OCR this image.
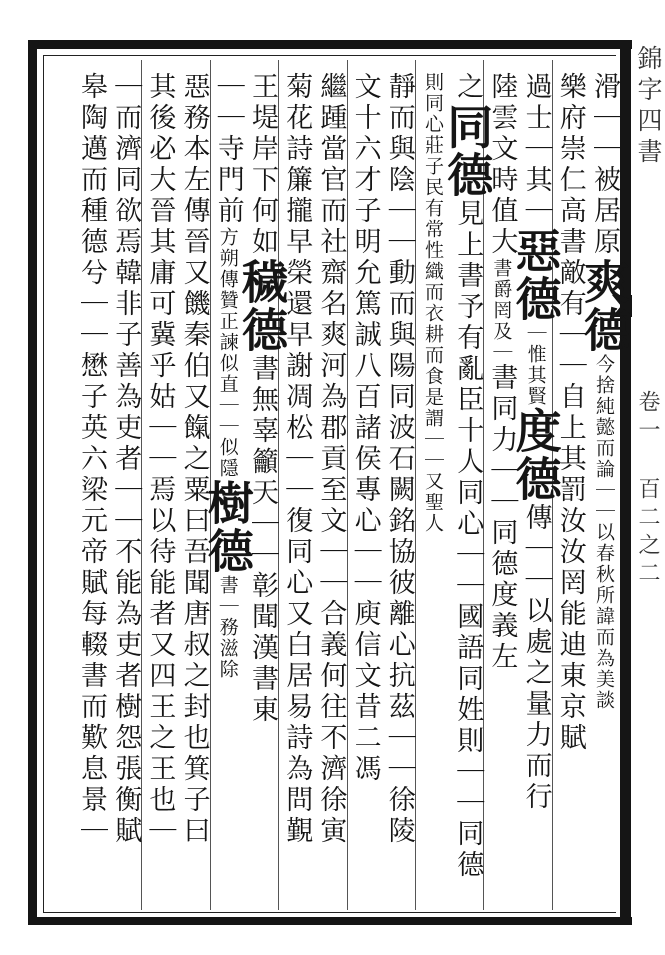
錦字四書
卷一 百二之二
滑｜｜被居原爽德今捨純懿而論｜｜以春秋所諱而為美談
樂府崇仁高書敵有｜｜自上其罰汝汝罔能迪東京賦
過士｜其｜惡德｜惟其賢度德傳｜｜以處之量力而行
陸雲文時值大書爵罔及｜書同力｜｜同德度義左
之同德見上書予有亂臣十人同心｜｜國語同姓則｜｜同德
則同心莊子民有常性織而衣耕而食是謂｜｜又聖人
靜而與陰｜｜動而與陽同波石闕銘協彼離心抗茲｜｜徐陵
文十六才子明允篤誠八百諸侯專心｜｜庾信文昔二馮
繼踵當官而社齋名爽河為郡貢至文｜｜合義何往不濟徐寅
菊花詩簾攏早榮還早謝凋松｜｜復同心又白居易詩為問覲
王堤岸下何如穢德書無辜籲天｜｜彰聞漢書東
｜｜寺門前方朔傳贊正諫似直｜｜似隱樹德書｜務滋除
惡務本左傳晉又饑秦伯又餼之粟曰吾聞唐叔之封也箕子曰
其後必大晉其庸可冀乎姑｜｜焉以待能者又四王之王也｜
｜而濟同欲焉韓非子善為吏者｜｜不能為吏者樹怨張衡賦
皋陶邁而種德兮｜｜懋子英六梁元帝賦每輟書而歎息景｜
